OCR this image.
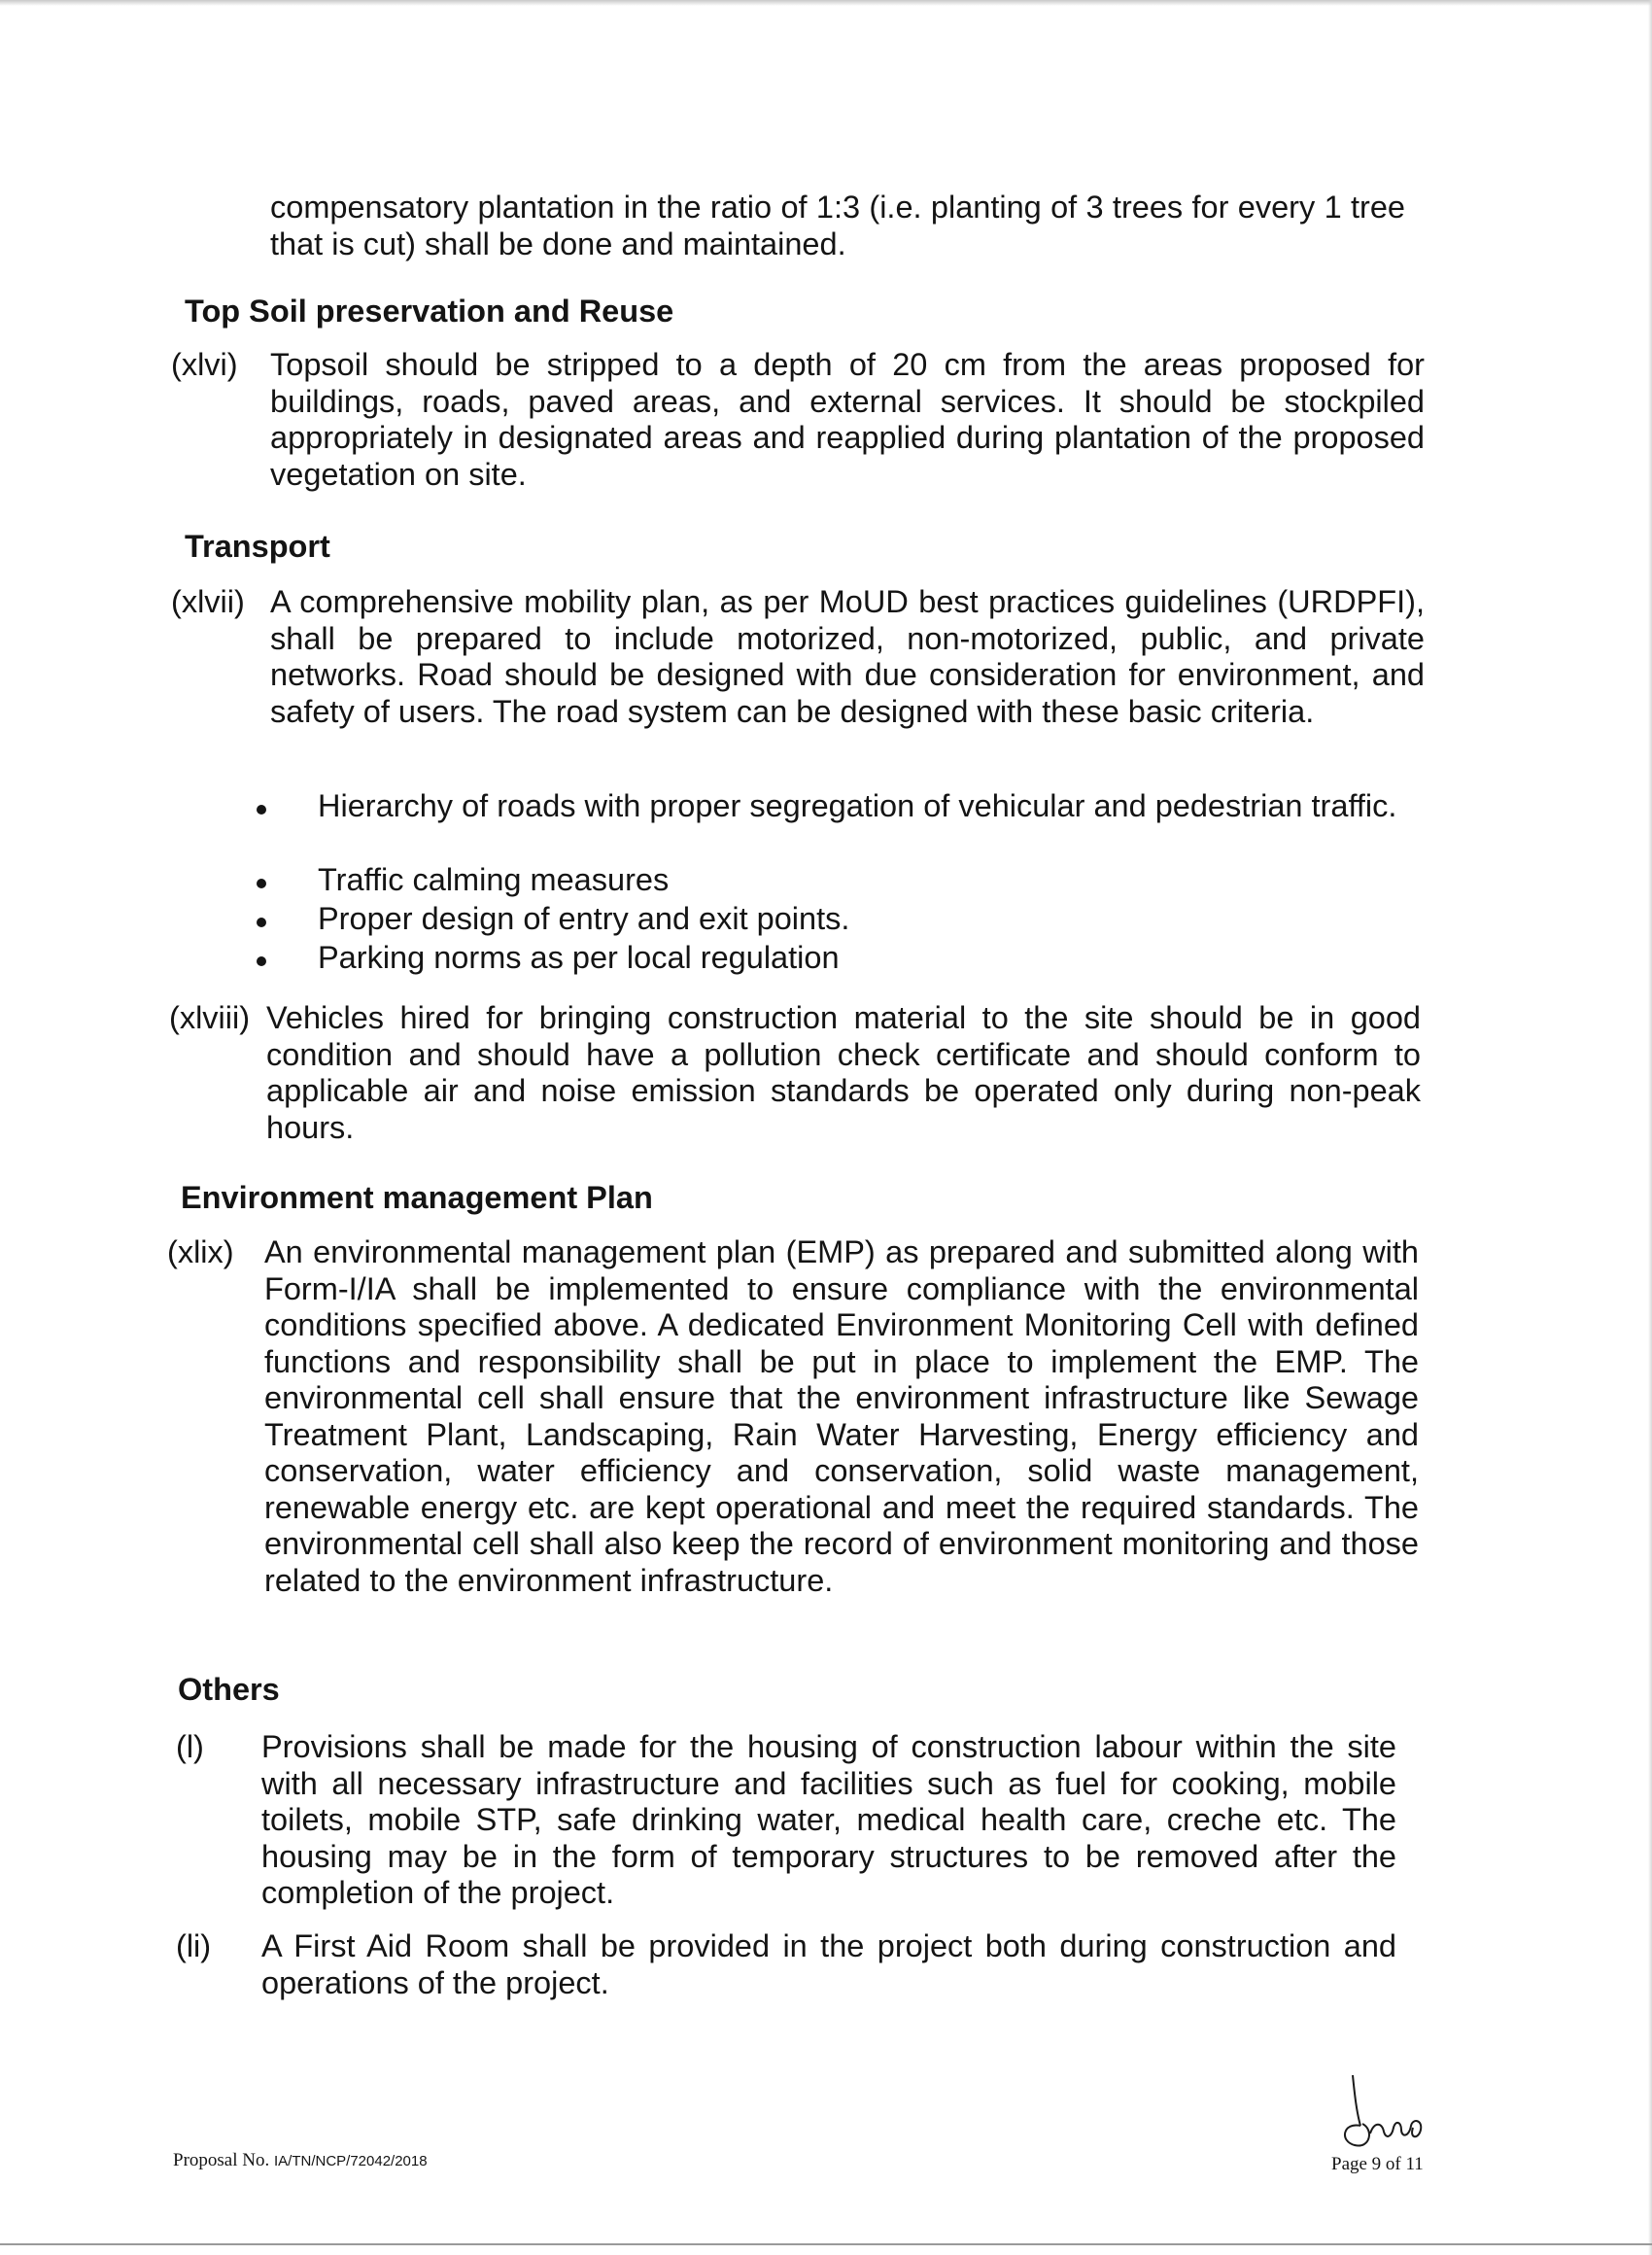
compensatory plantation in the ratio of 1:3 (i.e. planting of 3 trees for every 1 tree that is cut) shall be done and maintained.
Top Soil preservation and Reuse
(xlvi) Topsoil should be stripped to a depth of 20 cm from the areas proposed for buildings, roads, paved areas, and external services. It should be stockpiled appropriately in designated areas and reapplied during plantation of the proposed vegetation on site.
Transport
(xlvii) A comprehensive mobility plan, as per MoUD best practices guidelines (URDPFI), shall be prepared to include motorized, non-motorized, public, and private networks. Road should be designed with due consideration for environment, and safety of users. The road system can be designed with these basic criteria.
Hierarchy of roads with proper segregation of vehicular and pedestrian traffic.
Traffic calming measures
Proper design of entry and exit points.
Parking norms as per local regulation
(xlviii) Vehicles hired for bringing construction material to the site should be in good condition and should have a pollution check certificate and should conform to applicable air and noise emission standards be operated only during non-peak hours.
Environment management Plan
(xlix) An environmental management plan (EMP) as prepared and submitted along with Form-I/IA shall be implemented to ensure compliance with the environmental conditions specified above. A dedicated Environment Monitoring Cell with defined functions and responsibility shall be put in place to implement the EMP. The environmental cell shall ensure that the environment infrastructure like Sewage Treatment Plant, Landscaping, Rain Water Harvesting, Energy efficiency and conservation, water efficiency and conservation, solid waste management, renewable energy etc. are kept operational and meet the required standards. The environmental cell shall also keep the record of environment monitoring and those related to the environment infrastructure.
Others
(l) Provisions shall be made for the housing of construction labour within the site with all necessary infrastructure and facilities such as fuel for cooking, mobile toilets, mobile STP, safe drinking water, medical health care, creche etc. The housing may be in the form of temporary structures to be removed after the completion of the project.
(li) A First Aid Room shall be provided in the project both during construction and operations of the project.
Proposal No. IA/TN/NCP/72042/2018	Page 9 of 11
